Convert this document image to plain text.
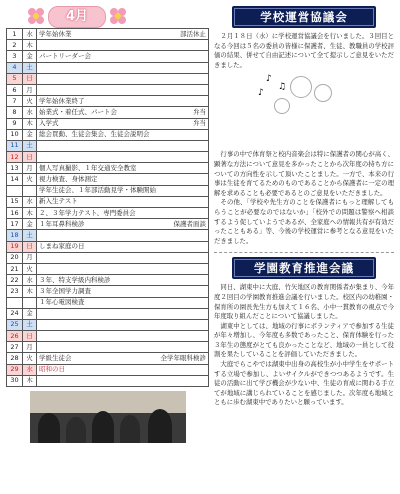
4月
1	水	学年始休業 部活休止

2	木	
3	金	パートリーダー会
4	土	
5	日	
6	月	
7	火	学年始休業終了
8	水	始業式・着任式、パート会 弁当

9	木	入学式 弁当

10	金	総会買動、生徒会集会、生徒会説明会
11	土	
12	日	
13	月	個人写真撮影、１年交通安全教室
14	火	視力検査、身体測定
		学年生徒会、１年部活動見学・体験開始
15	水	新入生テスト
16	木	２、３年学力テスト、専門委員会
17	金	１年耳鼻科検診 保護者面談

18	土	
19	日	しまね家庭の日
20	月	
21	火	
22	水	３年、特支学級内科検診
23	木	３年全国学力調査
		１年心電図検査
24	金	
25	土	
26	日	
27	月	
28	火	学級生徒会 全学年眼科検診

29	水	昭和の日
30	木	
学校運営協議会

２月１８日（水）に学校運営協議会を行いました。３回目となる今回は５名の委員の皆様に保護者、生徒、教職員の学校評価の結果、併せて自由記述について全て提示しご意見をいただきました。

♪
♫
♪

行事の中で体育祭と校内音楽会は特に保護者の関心が高く、顕著な方法について意見を多かったことから次年度の持ち方についての方向性を示して頂いたことました。一方で、本来の行事は生徒を育てるためのものであることから保護者に一定の理解を求めることも必要であるとのご意見をいただきました。

その他、「学校や先生方のことを保護者にもっと理解してもらうことが必要なのではないか」「校外での問題は警察へ相談するよう促していようであるが、全家庭への情報共有が有効だったこともある」等、今後の学校運営に参考となる意見をいただきました。

学園教育推進会議

同日、湖東中に大庭、竹矢地区の教育関係者が集まり、今年度２回目の学園教育推進会議を行いました。校区内の幼稚園・保育所の園長先生方も加えて１６名、小中一貫教育の視点で今年度取り組んだことについて協議しました。

湖東中としては、地域の行事にボランティアで参加する生徒が年々増加し、今年度も多数であったこと、保育体験を行った３年生の態度がとても良かったことなど、地域の一員として役割を果たしていることを評価していただきました。

大庭でらこやでは湖東中出身の高校生が小中学生をサポートする立場で参加し、よいサイクルができつつあるようです。生徒の活動に出て学び機会が少ない中、生徒の育成に関わる手立てが地域に講じられていることを感じました。次年度も地域とともに歩む湖東中でありたいと願っています。
